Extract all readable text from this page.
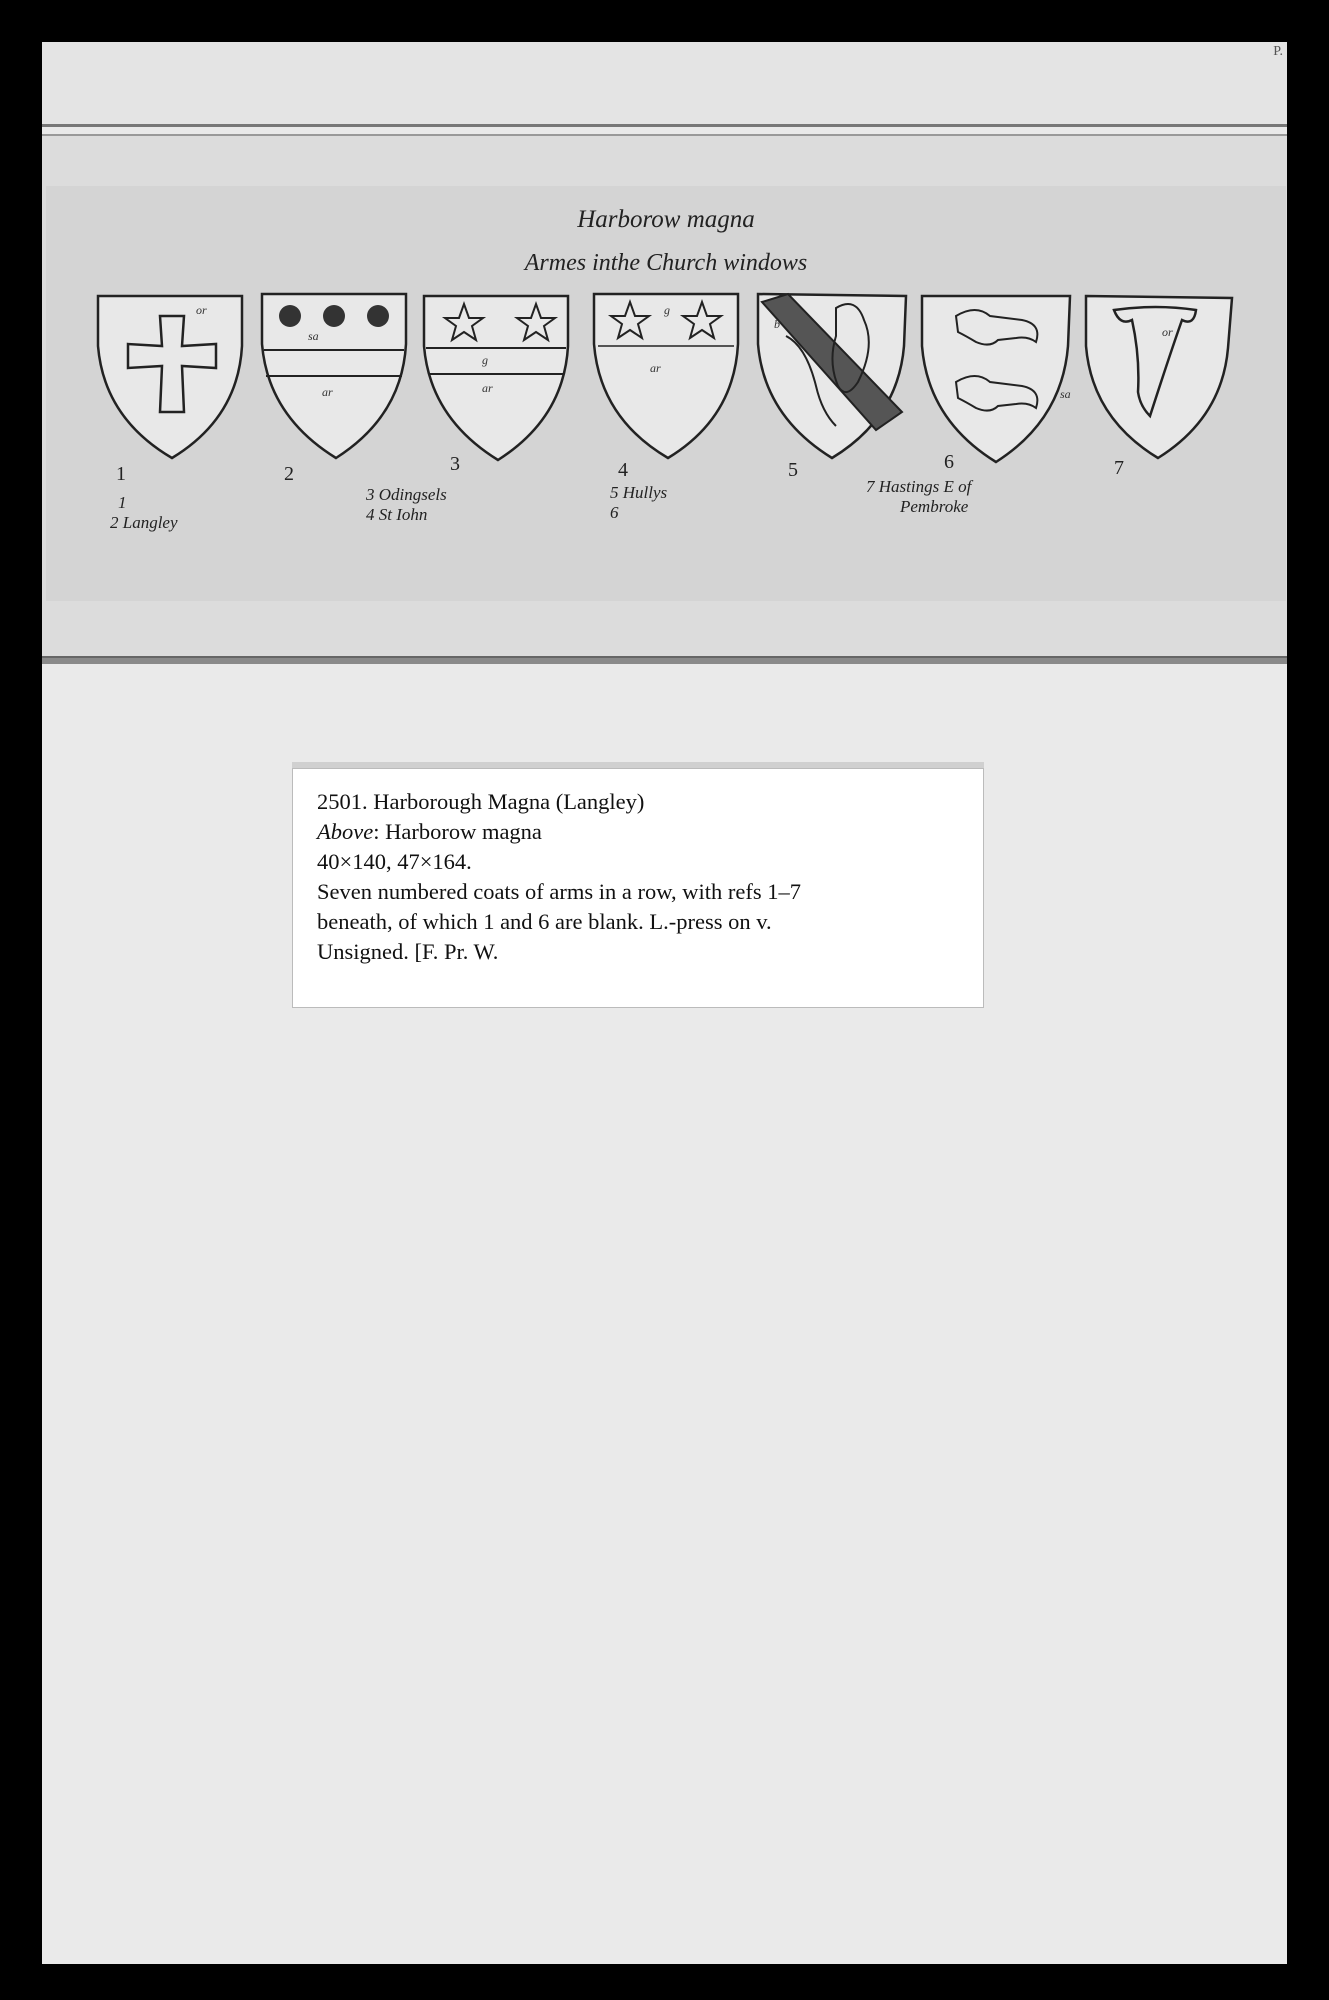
P.
Harborow magna
Armes inthe Church windows
or
sa
ar
g
ar
g
ar
b
sa
or
1	2	3	4	5	6	7
1
2 Langley
3 Odingsels
4 St Iohn
5 Hullys
6
7 Hastings E of
Pembroke
2501. Harborough Magna (Langley)
Above: Harborow magna
40×140, 47×164.
Seven numbered coats of arms in a row, with refs 1–7
beneath, of which 1 and 6 are blank. L.-press on v.
Unsigned. [F. Pr. W.
